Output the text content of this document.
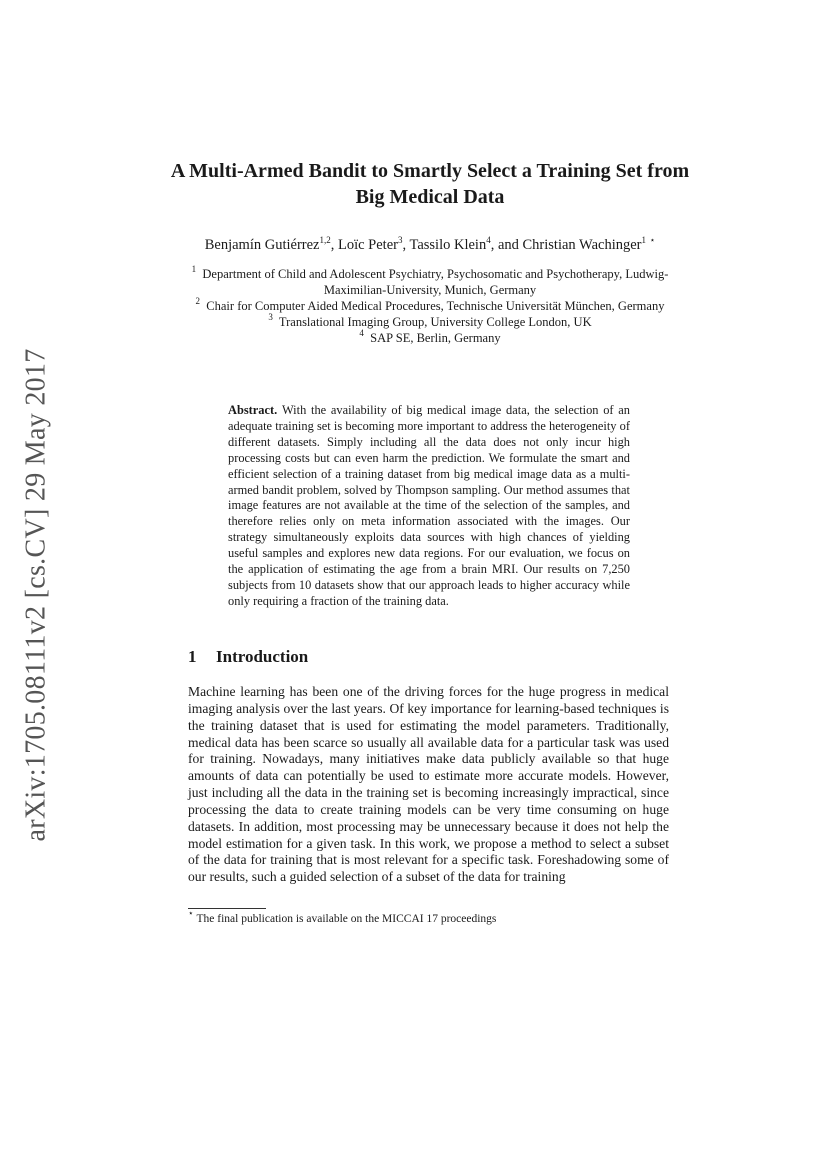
arXiv:1705.08111v2 [cs.CV] 29 May 2017
A Multi-Armed Bandit to Smartly Select a Training Set from Big Medical Data
Benjamín Gutiérrez$^{1,2}$, Loïc Peter$^3$, Tassilo Klein$^4$, and Christian Wachinger$^1$ ⋆
$^1$ Department of Child and Adolescent Psychiatry, Psychosomatic and Psychotherapy, Ludwig-Maximilian-University, Munich, Germany
$^2$ Chair for Computer Aided Medical Procedures, Technische Universität München, Germany
$^3$ Translational Imaging Group, University College London, UK
$^4$ SAP SE, Berlin, Germany
Abstract. With the availability of big medical image data, the selection of an adequate training set is becoming more important to address the heterogeneity of different datasets. Simply including all the data does not only incur high processing costs but can even harm the prediction. We formulate the smart and efficient selection of a training dataset from big medical image data as a multi-armed bandit problem, solved by Thompson sampling. Our method assumes that image features are not available at the time of the selection of the samples, and therefore relies only on meta information associated with the images. Our strategy simultaneously exploits data sources with high chances of yielding useful samples and explores new data regions. For our evaluation, we focus on the application of estimating the age from a brain MRI. Our results on 7,250 subjects from 10 datasets show that our approach leads to higher accuracy while only requiring a fraction of the training data.
1 Introduction
Machine learning has been one of the driving forces for the huge progress in medical imaging analysis over the last years. Of key importance for learning-based techniques is the training dataset that is used for estimating the model parameters. Traditionally, medical data has been scarce so usually all available data for a particular task was used for training. Nowadays, many initiatives make data publicly available so that huge amounts of data can potentially be used to estimate more accurate models. However, just including all the data in the training set is becoming increasingly impractical, since processing the data to create training models can be very time consuming on huge datasets. In addition, most processing may be unnecessary because it does not help the model estimation for a given task. In this work, we propose a method to select a subset of the data for training that is most relevant for a specific task. Foreshadowing some of our results, such a guided selection of a subset of the data for training
⋆ The final publication is available on the MICCAI 17 proceedings
